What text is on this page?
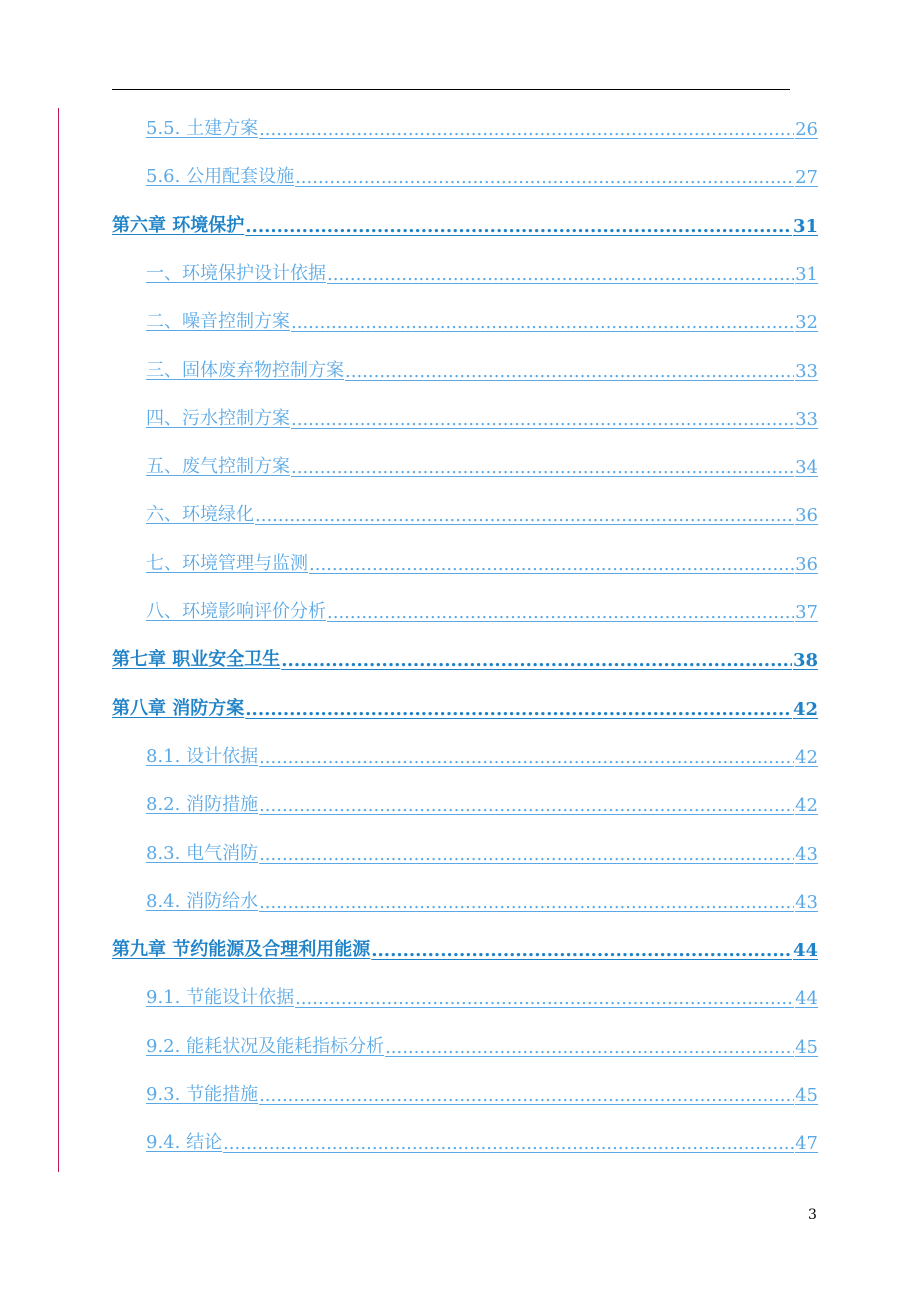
5.5. 土建方案 .....	26
5.6. 公用配套设施 .....	27
第六章 环境保护 .....	31
一、环境保护设计依据 .....	31
二、噪音控制方案 .....	32
三、固体废弃物控制方案 .....	33
四、污水控制方案 .....	33
五、废气控制方案 .....	34
六、环境绿化 .....	36
七、环境管理与监测 .....	36
八、环境影响评价分析 .....	37
第七章 职业安全卫生 .....	38
第八章 消防方案 .....	42
8.1. 设计依据 .....	42
8.2. 消防措施 .....	42
8.3. 电气消防 .....	43
8.4. 消防给水 .....	43
第九章 节约能源及合理利用能源 .....	44
9.1. 节能设计依据 .....	44
9.2. 能耗状况及能耗指标分析 .....	45
9.3. 节能措施 .....	45
9.4. 结论 .....	47
3
